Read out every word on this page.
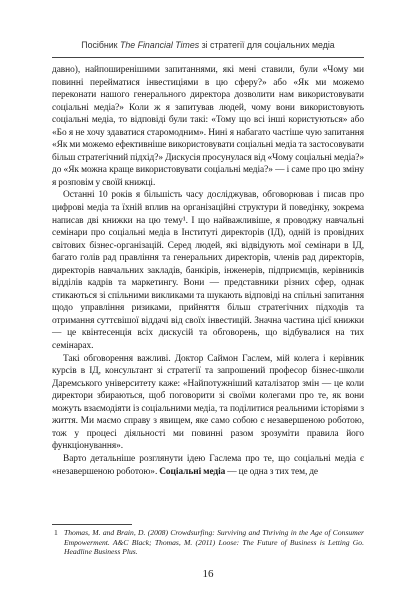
Посібник The Financial Times зі стратегії для соціальних медіа

давно), найпоширенішими запитаннями, які мені ставили, були «Чому ми повинні перейматися інвестиціями в цю сферу?» або «Як ми можемо переконати нашого генерального директора дозволити нам використовувати соціальні медіа?» Коли ж я запитував людей, чому вони використовують соціальні медіа, то відповіді були такі: «Тому що всі інші користуються» або «Бо я не хочу здаватися старомодним». Нині я набагато частіше чую запитання «Як ми можемо ефективніше використовувати соціальні медіа та застосовувати більш стратегічний підхід?» Дискусія просунулася від «Чому соціальні медіа?» до «Як можна краще використовувати соціальні медіа?» — і саме про цю зміну я розповім у своїй книжці.

Останні 10 років я більшість часу досліджував, обговорював і писав про цифрові медіа та їхній вплив на організаційні структури й поведінку, зокрема написав дві книжки на цю тему¹. І що найважливіше, я проводжу навчальні семінари про соціальні медіа в Інституті директорів (ІД), одній із провідних світових бізнес-організацій. Серед людей, які відвідують мої семінари в ІД, багато голів рад правління та генеральних директорів, членів рад директорів, директорів навчальних закладів, банкірів, інженерів, підприємців, керівників відділів кадрів та маркетингу. Вони — представники різних сфер, однак стикаються зі спільними викликами та шукають відповіді на спільні запитання щодо управління ризиками, прийняття більш стратегічних підходів та отримання суттєвішої віддачі від своїх інвестицій. Значна частина цієї книжки — це квінтесенція всіх дискусій та обговорень, що відбувалися на тих семінарах.

Такі обговорення важливі. Доктор Саймон Гаслем, мій колега і керівник курсів в ІД, консультант зі стратегії та запрошений професор бізнес-школи Даремського університету каже: «Найпотужніший каталізатор змін — це коли директори збираються, щоб поговорити зі своїми колегами про те, як вони можуть взаємодіяти із соціальними медіа, та поділитися реальними історіями з життя. Ми маємо справу з явищем, яке само собою є незавершеною роботою, тож у процесі діяльності ми повинні разом зрозуміти правила його функціонування».

Варто детальніше розглянути ідею Гаслема про те, що соціальні медіа є «незавершеною роботою». Соціальні медіа — це одна з тих тем, де

1 Thomas, M. and Brain, D. (2008) Crowdsurfing: Surviving and Thriving in the Age of Consumer Empowerment. A&C Black; Thomas, M. (2011) Loose: The Future of Business is Letting Go. Headline Business Plus.
16
